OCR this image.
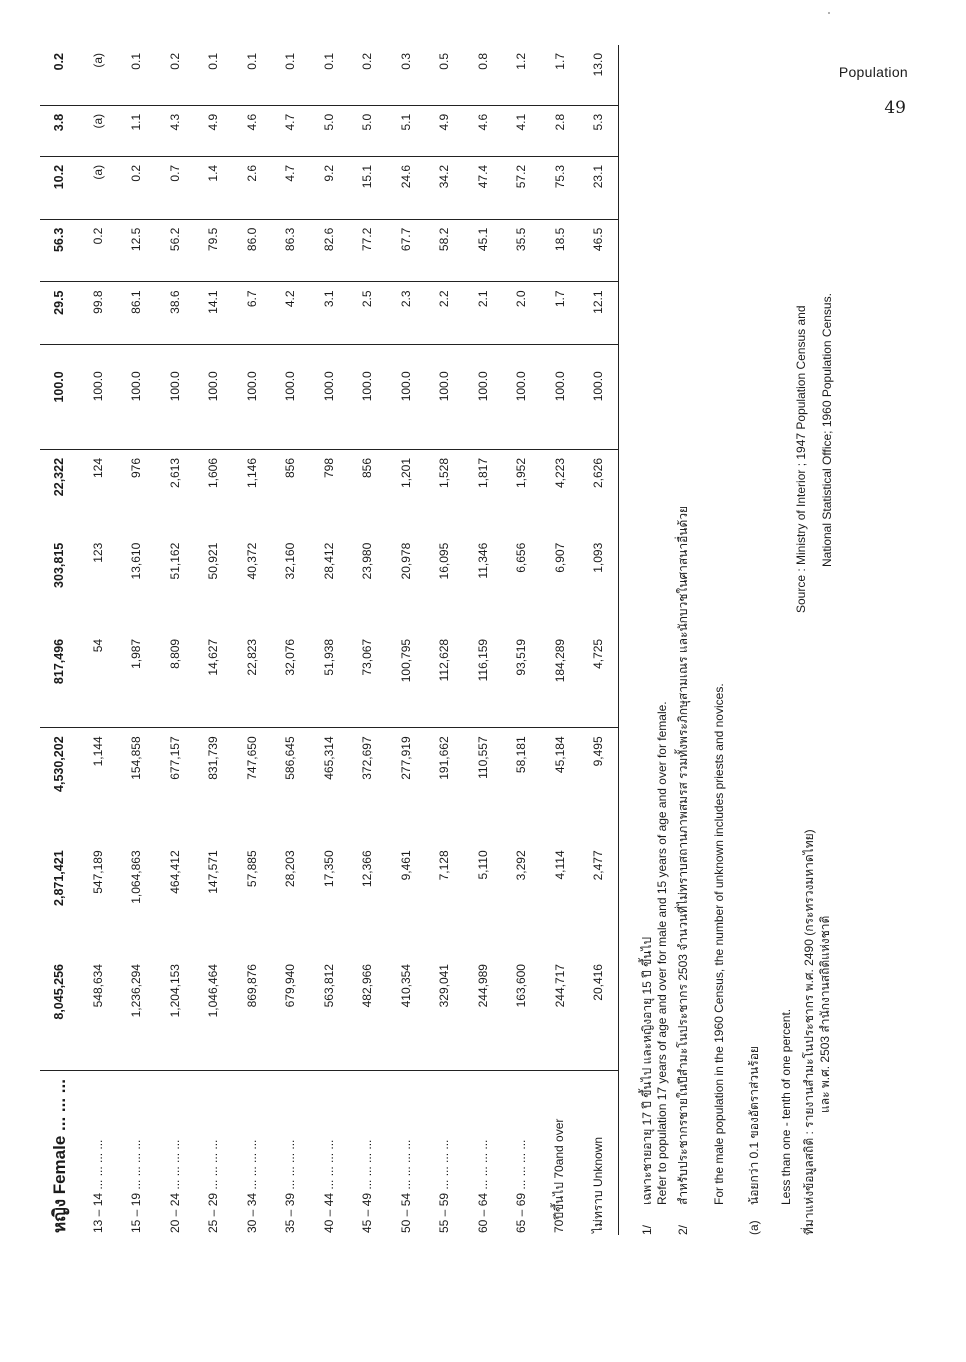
Population
49
หญิง Female ... ... ...	8,045,256	2,871,421	4,530,202	817,496	303,815	22,322	100.0	29.5	56.3	10.2	3.8	0.2
13 – 14 ... ... ... ...	548,634	547,189	1,144	54	123	124	100.0	99.8	0.2	(a)	(a)	(a)
15 – 19 ... ... ... ...	1,236,294	1,064,863	154,858	1,987	13,610	976	100.0	86.1	12.5	0.2	1.1	0.1
20 – 24 ... ... ... ...	1,204,153	464,412	677,157	8,809	51,162	2,613	100.0	38.6	56.2	0.7	4.3	0.2
25 – 29 ... ... ... ...	1,046,464	147,571	831,739	14,627	50,921	1,606	100.0	14.1	79.5	1.4	4.9	0.1
30 – 34 ... ... ... ...	869,876	57,885	747,650	22,823	40,372	1,146	100.0	6.7	86.0	2.6	4.6	0.1
35 – 39 ... ... ... ...	679,940	28,203	586,645	32,076	32,160	856	100.0	4.2	86.3	4.7	4.7	0.1
40 – 44 ... ... ... ...	563,812	17,350	465,314	51,938	28,412	798	100.0	3.1	82.6	9.2	5.0	0.1
45 – 49 ... ... ... ...	482,966	12,366	372,697	73,067	23,980	856	100.0	2.5	77.2	15.1	5.0	0.2
50 – 54 ... ... ... ...	410,354	9,461	277,919	100,795	20,978	1,201	100.0	2.3	67.7	24.6	5.1	0.3
55 – 59 ... ... ... ...	329,041	7,128	191,662	112,628	16,095	1,528	100.0	2.2	58.2	34.2	4.9	0.5
60 – 64 ... ... ... ...	244,989	5,110	110,557	116,159	11,346	1,817	100.0	2.1	45.1	47.4	4.6	0.8
65 – 69 ... ... ... ...	163,600	3,292	58,181	93,519	6,656	1,952	100.0	2.0	35.5	57.2	4.1	1.2
70ปีขึ้นไป 70and over	244,717	4,114	45,184	184,289	6,907	4,223	100.0	1.7	18.5	75.3	2.8	1.7
ไม่ทราบ Unknown	20,416	2,477	9,495	4,725	1,093	2,626	100.0	12.1	46.5	23.1	5.3	13.0
1/เฉพาะชายอายุ 17 ปี ขึ้นไป และหญิงอายุ 15 ปี ขึ้นไป Refer to population 17 years of age and over for male and 15 years of age and over for female.
2/สำหรับประชากรชายในปีสำมะโนประชากร 2503 จำนวนที่ไม่ทราบสถานภาพสมรส รวมทั้งพระภิกษุสามเณร และนักบวชในศาสนาอื่นด้วย For the male population in the 1960 Census, the number of unknown includes priests and novices.
(a)น้อยกว่า 0.1 ของอัตราส่วนร้อย Less than one - tenth of one percent. ที่มาแห่งข้อมูลสถิติ : รายงานสำมะโนประชากร พ.ศ. 2490 (กระทรวงมหาดไทย) และ พ.ศ. 2503 สำนักงานสถิติแห่งชาติ
Source : Ministry of Interior ; 1947 Population Census and National Statistical Office; 1960 Population Census.
